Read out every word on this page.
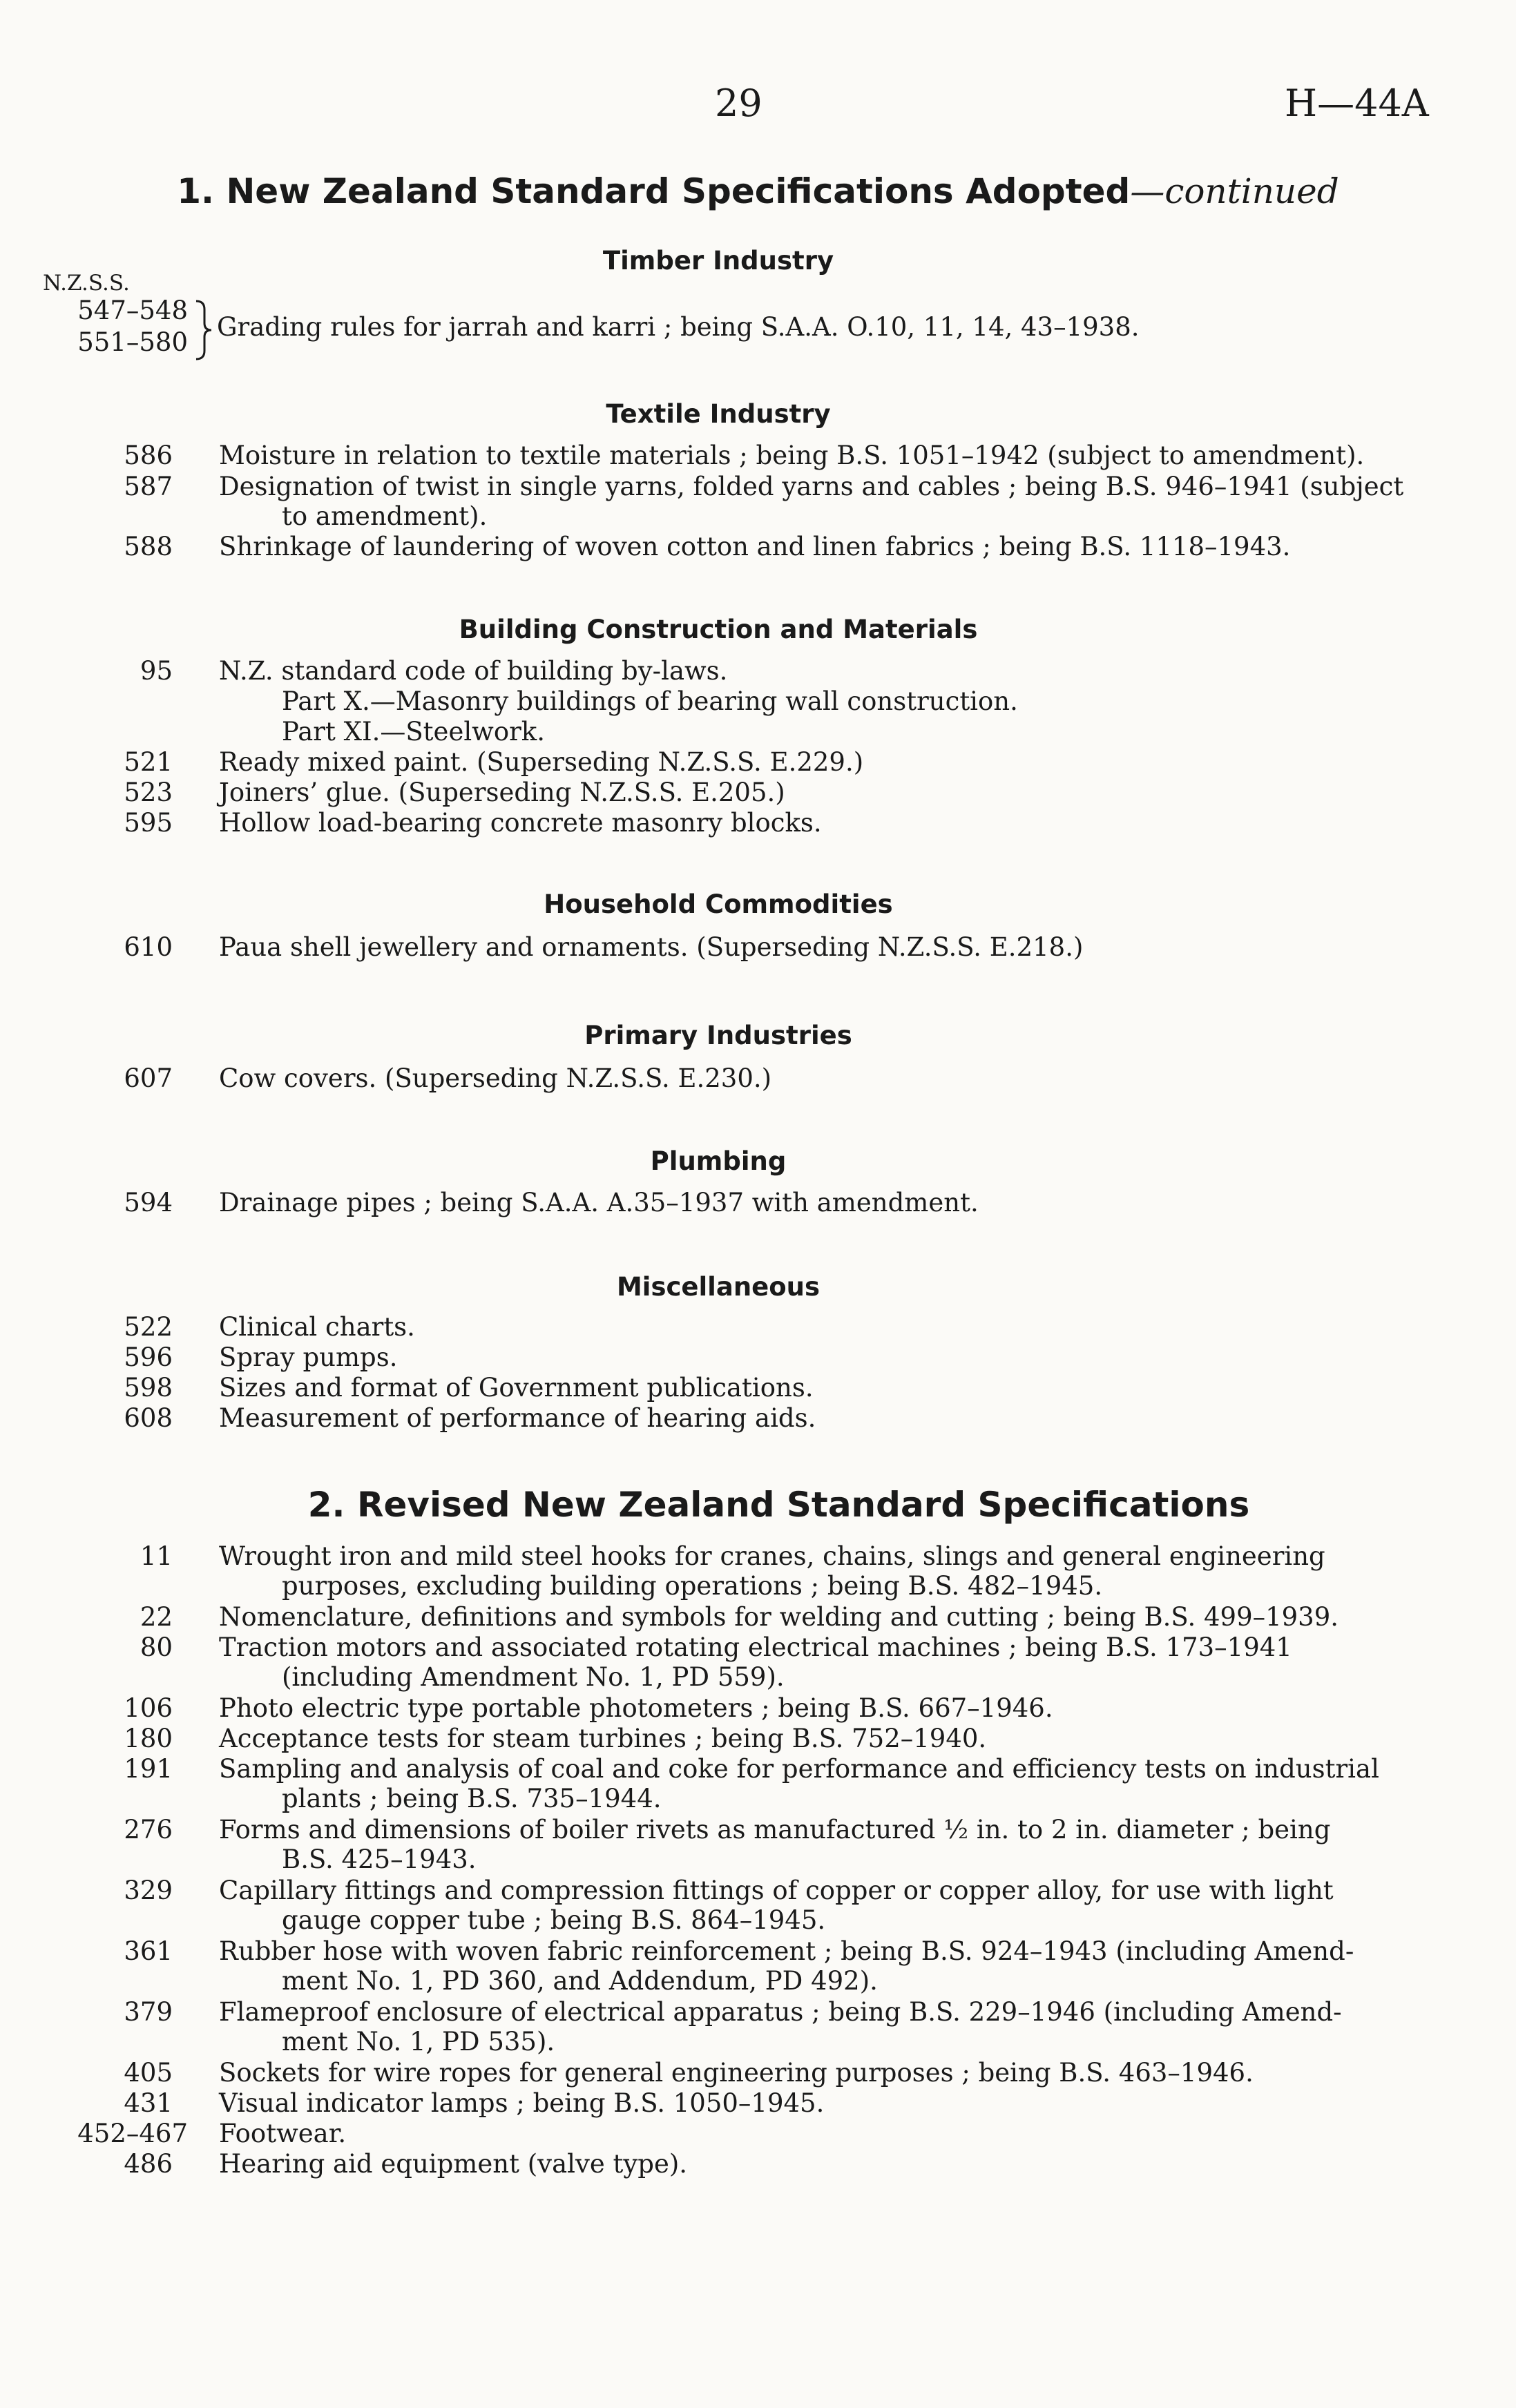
29	H—44A
1. New Zealand Standard Specifications Adopted—continued
Timber Industry
N.Z.S.S.
547–548
551–580
Grading rules for jarrah and karri ; being S.A.A. O.10, 11, 14, 43–1938.
Textile Industry
586 Moisture in relation to textile materials ; being B.S. 1051–1942 (subject to amendment).
587 Designation of twist in single yarns, folded yarns and cables ; being B.S. 946–1941 (subject
to amendment).
588 Shrinkage of laundering of woven cotton and linen fabrics ; being B.S. 1118–1943.
Building Construction and Materials
95 N.Z. standard code of building by-laws.
Part X.—Masonry buildings of bearing wall construction.
Part XI.—Steelwork.
521 Ready mixed paint. (Superseding N.Z.S.S. E.229.)
523 Joiners’ glue. (Superseding N.Z.S.S. E.205.)
595 Hollow load-bearing concrete masonry blocks.
Household Commodities
610 Paua shell jewellery and ornaments. (Superseding N.Z.S.S. E.218.)
Primary Industries
607 Cow covers. (Superseding N.Z.S.S. E.230.)
Plumbing
594 Drainage pipes ; being S.A.A. A.35–1937 with amendment.
Miscellaneous
522 Clinical charts.
596 Spray pumps.
598 Sizes and format of Government publications.
608 Measurement of performance of hearing aids.
2. Revised New Zealand Standard Specifications
11 Wrought iron and mild steel hooks for cranes, chains, slings and general engineering
purposes, excluding building operations ; being B.S. 482–1945.
22 Nomenclature, definitions and symbols for welding and cutting ; being B.S. 499–1939.
80 Traction motors and associated rotating electrical machines ; being B.S. 173–1941
(including Amendment No. 1, PD 559).
106 Photo electric type portable photometers ; being B.S. 667–1946.
180 Acceptance tests for steam turbines ; being B.S. 752–1940.
191 Sampling and analysis of coal and coke for performance and efficiency tests on industrial
plants ; being B.S. 735–1944.
276 Forms and dimensions of boiler rivets as manufactured ½ in. to 2 in. diameter ; being
B.S. 425–1943.
329 Capillary fittings and compression fittings of copper or copper alloy, for use with light
gauge copper tube ; being B.S. 864–1945.
361 Rubber hose with woven fabric reinforcement ; being B.S. 924–1943 (including Amend-
ment No. 1, PD 360, and Addendum, PD 492).
379 Flameproof enclosure of electrical apparatus ; being B.S. 229–1946 (including Amend-
ment No. 1, PD 535).
405 Sockets for wire ropes for general engineering purposes ; being B.S. 463–1946.
431 Visual indicator lamps ; being B.S. 1050–1945.
452–467 Footwear.
486 Hearing aid equipment (valve type).
